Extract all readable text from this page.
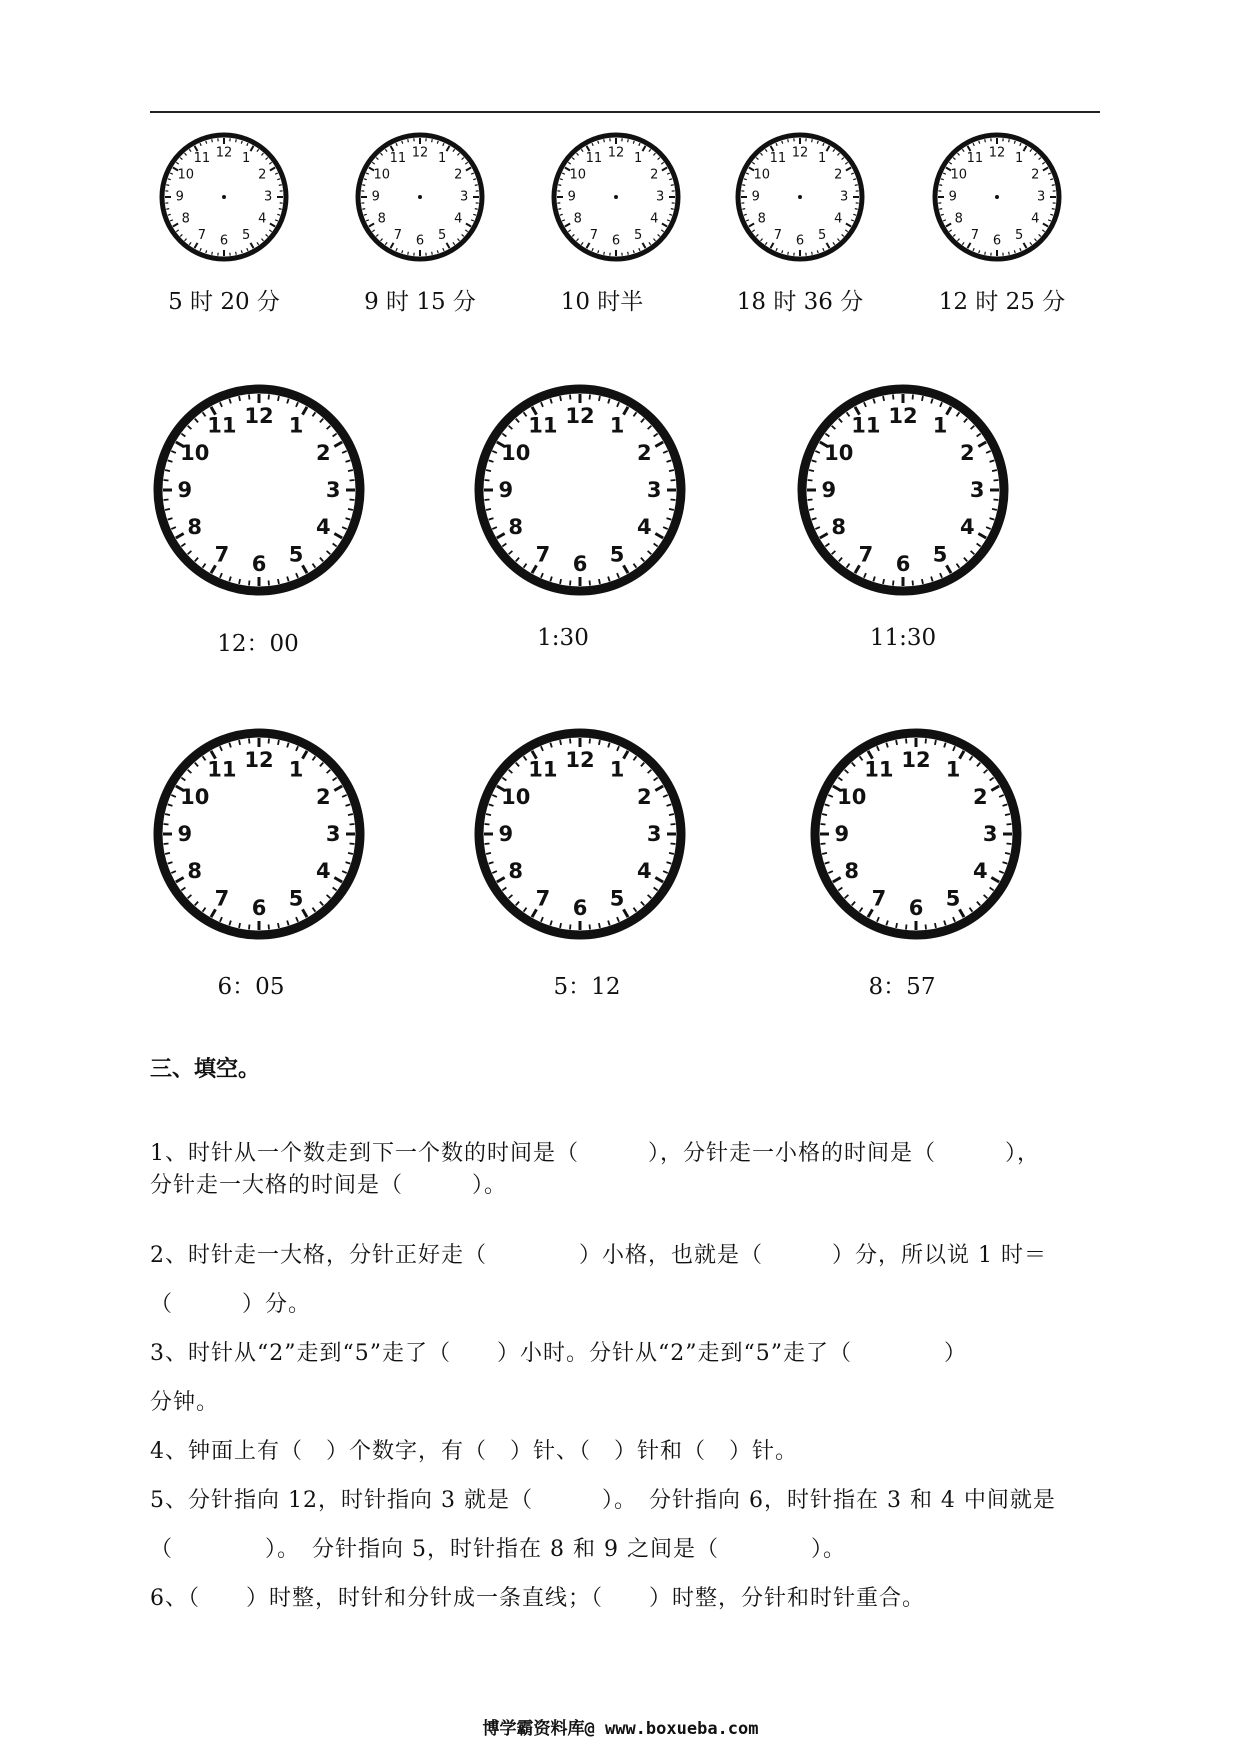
12 1
2
3
4
5
6
7
8
9
10
11	12 1
2
3
4
5
6
7
8
9
10
11	12 1
2
3
4
5
6
7
8
9
10
11	12 1
2
3
4
5
6
7
8
9
10
11	12 1
2
3
4
5
6
7
8
9
10
11
5 时 20 分	9 时 15 分	10 时半	18 时 36 分	12 时 25 分
12 1
2
3
4
5
6
7
8
9
10
11	12 1
2
3
4
5
6
7
8
9
10
11	12 1
2
3
4
5
6
7
8
9
10
11
12：00	1:30	11:30
12 1
2
3
4
5
6
7
8
9
10
11	12 1
2
3
4
5
6
7
8
9
10
11	12 1
2
3
4
5
6
7
8
9
10
11
6：05	5：12	8：57
三、填空。
1、时针从一个数走到下一个数的时间是（　　　），分针走一小格的时间是（　　　），
分针走一大格的时间是（　　　）。
2、时针走一大格，分针正好走（　　　　）小格，也就是（　　　）分，所以说 1 时＝
（　　　）分。
3、时针从“2”走到“5”走了（　　）小时。分针从“2”走到“5”走了（　　　　）
分钟。
4、钟面上有（　）个数字，有（　）针、（　）针和（　）针。
5、分针指向 12，时针指向 3 就是（　　　）。　分针指向 6，时针指在 3 和 4 中间就是
（　　　　）。　分针指向 5，时针指在 8 和 9 之间是（　　　　）。
6、（　　）时整，时针和分针成一条直线；（　　）时整，分针和时针重合。
博学霸资料库@ www.boxueba.com
